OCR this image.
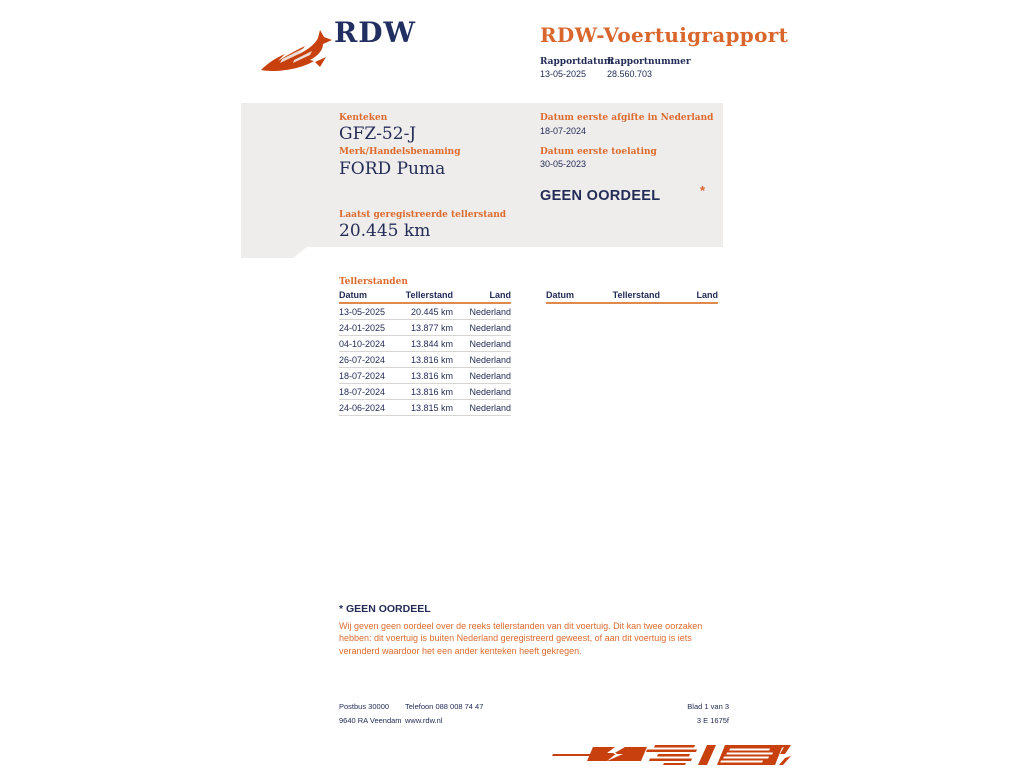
RDW	RDW-Voertuigrapport
Rapportdatum
13-05-2025
Rapportnummer
28.560.703
Kenteken
GFZ-52-J
Merk/Handelsbenaming
FORD Puma
Laatst geregistreerde tellerstand
20.445 km
Datum eerste afgifte in Nederland
18-07-2024
Datum eerste toelating
30-05-2023
GEEN OORDEEL	*
Tellerstanden
Datum	Tellerstand	Land
13-05-2025	20.445 km	Nederland
24-01-2025	13.877 km	Nederland
04-10-2024	13.844 km	Nederland
26-07-2024	13.816 km	Nederland
18-07-2024	13.816 km	Nederland
18-07-2024	13.816 km	Nederland
24-06-2024	13.815 km	Nederland
Datum	Tellerstand	Land
* GEEN OORDEEL
Wij geven geen oordeel over de reeks tellerstanden van dit voertuig. Dit kan twee oorzaken hebben: dit voertuig is buiten Nederland geregistreerd geweest, of aan dit voertuig is iets veranderd waardoor het een ander kenteken heeft gekregen.
Postbus 30000
9640 RA Veendam
Telefoon 088 008 74 47
www.rdw.nl
Blad 1 van 3
3 E 1675f
